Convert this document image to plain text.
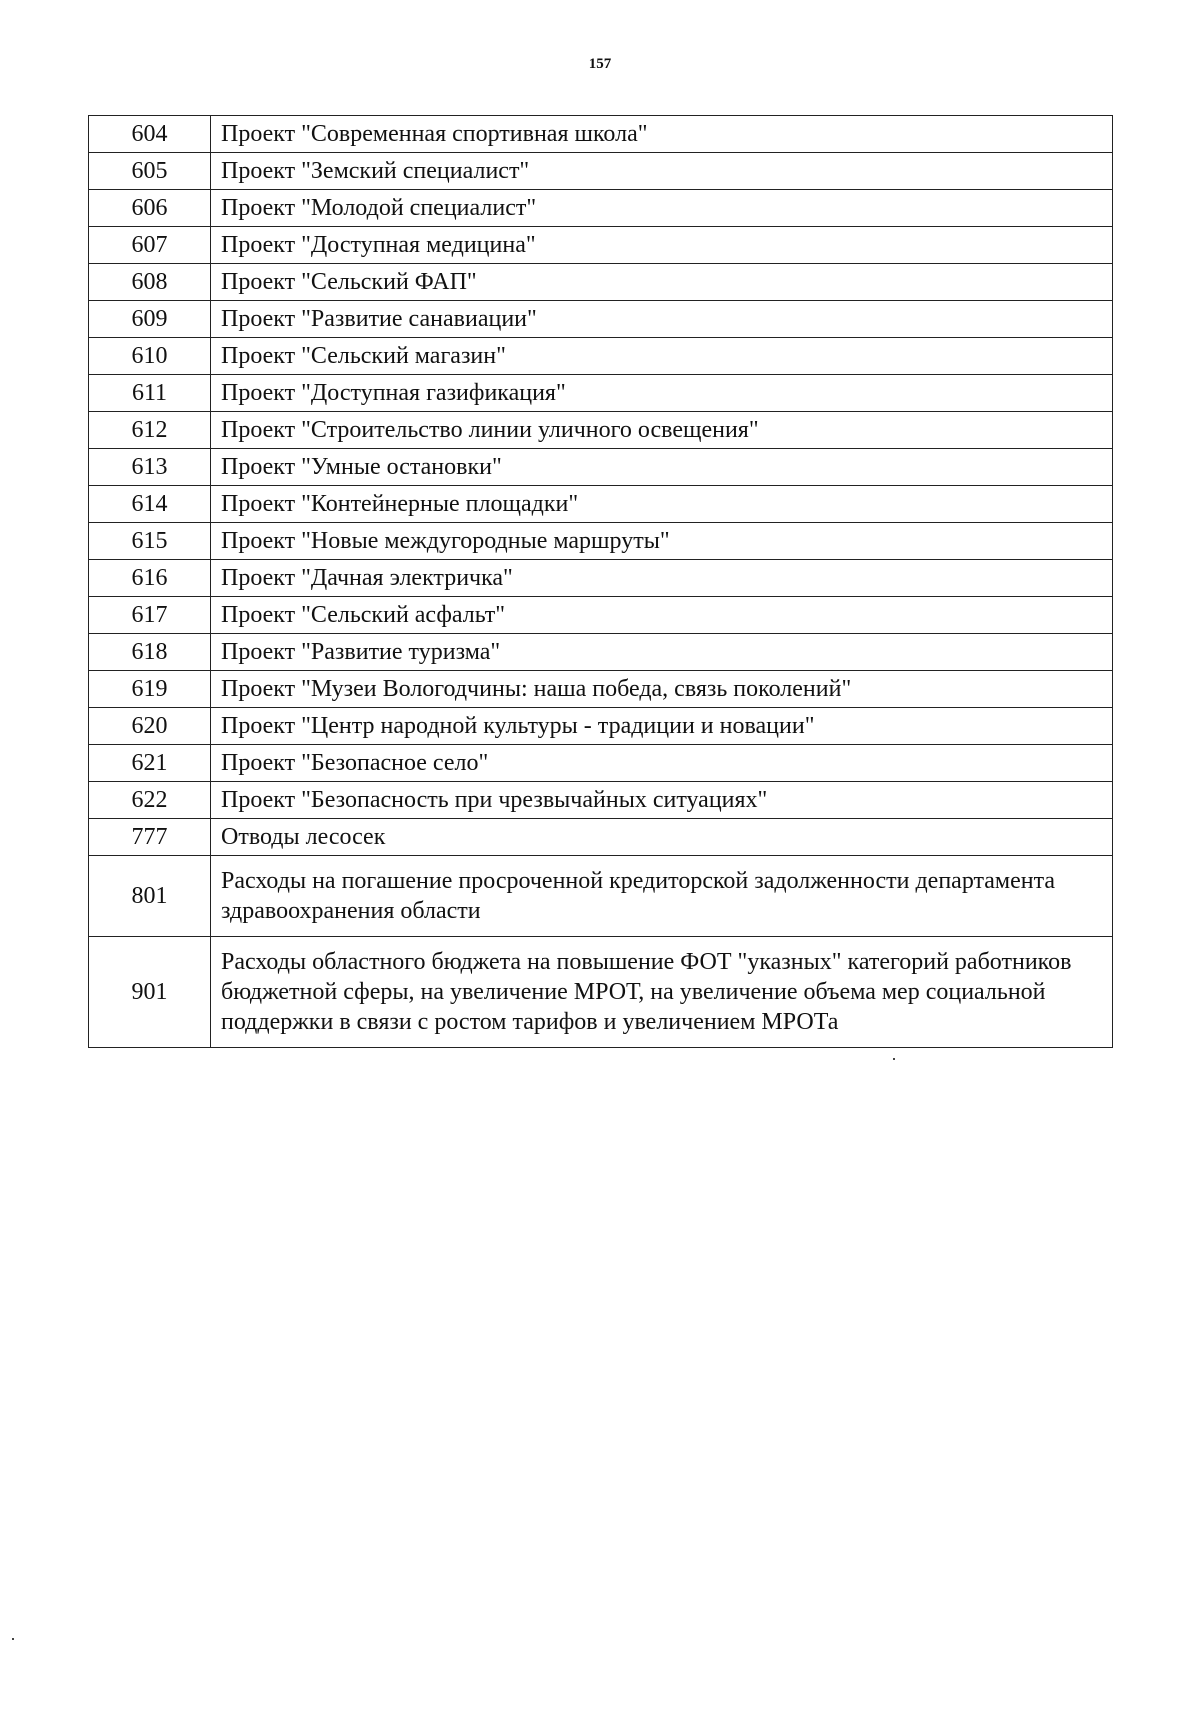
157
604	Проект "Современная спортивная школа"
605	Проект "Земский специалист"
606	Проект "Молодой специалист"
607	Проект "Доступная медицина"
608	Проект "Сельский ФАП"
609	Проект "Развитие санавиации"
610	Проект "Сельский магазин"
611	Проект "Доступная газификация"
612	Проект "Строительство линии уличного освещения"
613	Проект "Умные остановки"
614	Проект "Контейнерные площадки"
615	Проект "Новые междугородные маршруты"
616	Проект "Дачная электричка"
617	Проект "Сельский асфальт"
618	Проект "Развитие туризма"
619	Проект "Музеи Вологодчины: наша победа, связь поколений"
620	Проект "Центр народной культуры - традиции и новации"
621	Проект "Безопасное село"
622	Проект "Безопасность при чрезвычайных ситуациях"
777	Отводы лесосек
801	Расходы на погашение просроченной кредиторской задолженности департамента здравоохранения области
901	Расходы областного бюджета на повышение ФОТ "указных" категорий работников бюджетной сферы, на увеличение МРОТ, на увеличение объема мер социальной поддержки в связи с ростом тарифов и увеличением МРОТа
